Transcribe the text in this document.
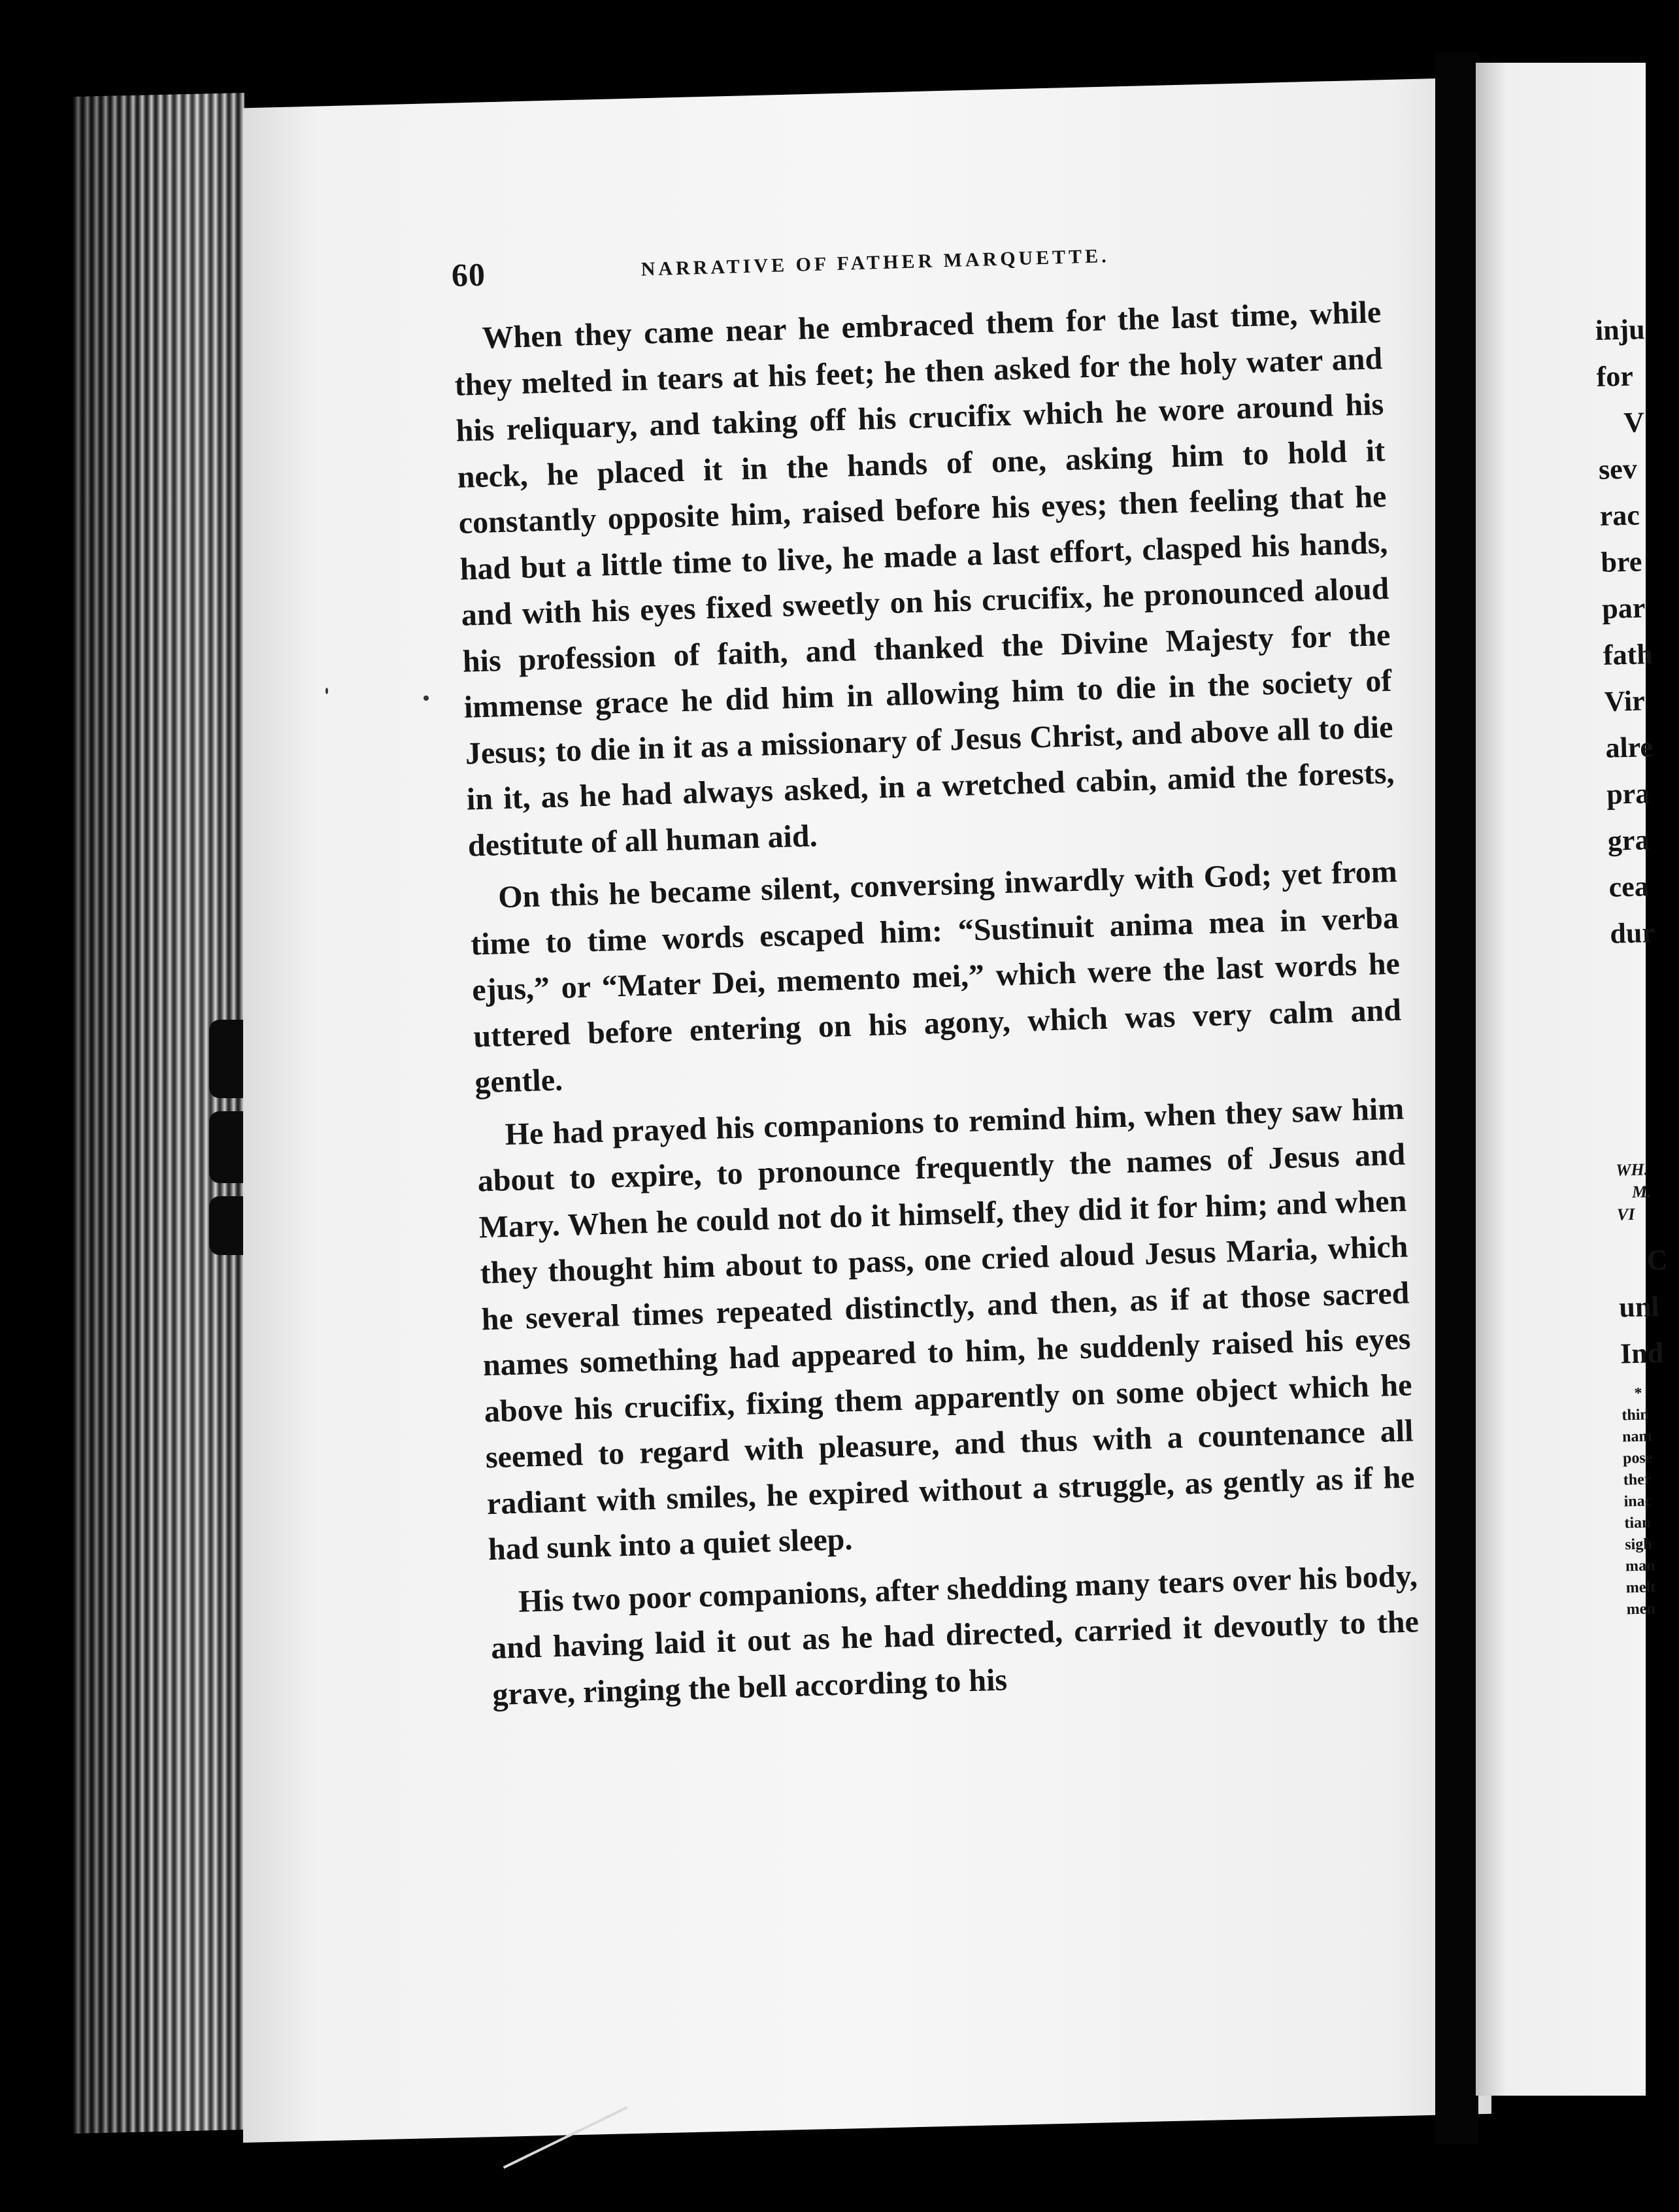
60	NARRATIVE OF FATHER MARQUETTE.

When they came near he embraced them for the last time, while they melted in tears at his feet; he then asked for the holy water and his reliquary, and taking off his crucifix which he wore around his neck, he placed it in the hands of one, asking him to hold it constantly opposite him, raised before his eyes; then feeling that he had but a little time to live, he made a last effort, clasped his hands, and with his eyes fixed sweetly on his crucifix, he pronounced aloud his profession of faith, and thanked the Divine Majesty for the immense grace he did him in allowing him to die in the society of Jesus; to die in it as a missionary of Jesus Christ, and above all to die in it, as he had always asked, in a wretched cabin, amid the forests, destitute of all human aid.

On this he became silent, conversing inwardly with God; yet from time to time words escaped him: “Sustinuit anima mea in verba ejus,” or “Mater Dei, memento mei,” which were the last words he uttered before entering on his agony, which was very calm and gentle.

He had prayed his companions to remind him, when they saw him about to expire, to pronounce frequently the names of Jesus and Mary. When he could not do it himself, they did it for him; and when they thought him about to pass, one cried aloud Jesus Maria, which he several times repeated distinctly, and then, as if at those sacred names something had appeared to him, he suddenly raised his eyes above his crucifix, fixing them apparently on some object which he seemed to regard with pleasure, and thus with a countenance all radiant with smiles, he expired without a struggle, as gently as if he had sunk into a quiet sleep.

His two poor companions, after shedding many tears over his body, and having laid it out as he had directed, carried it devoutly to the grave, ringing the bell according to his

inju
for
V
sev
rac
bre
par
fath
Vir
alre
pra
gra
cea
dur
WH.
M.
VI
C
unl
Ind
*
thin
nam
pose
ther
inac
tian
sigh
man
melt
men
